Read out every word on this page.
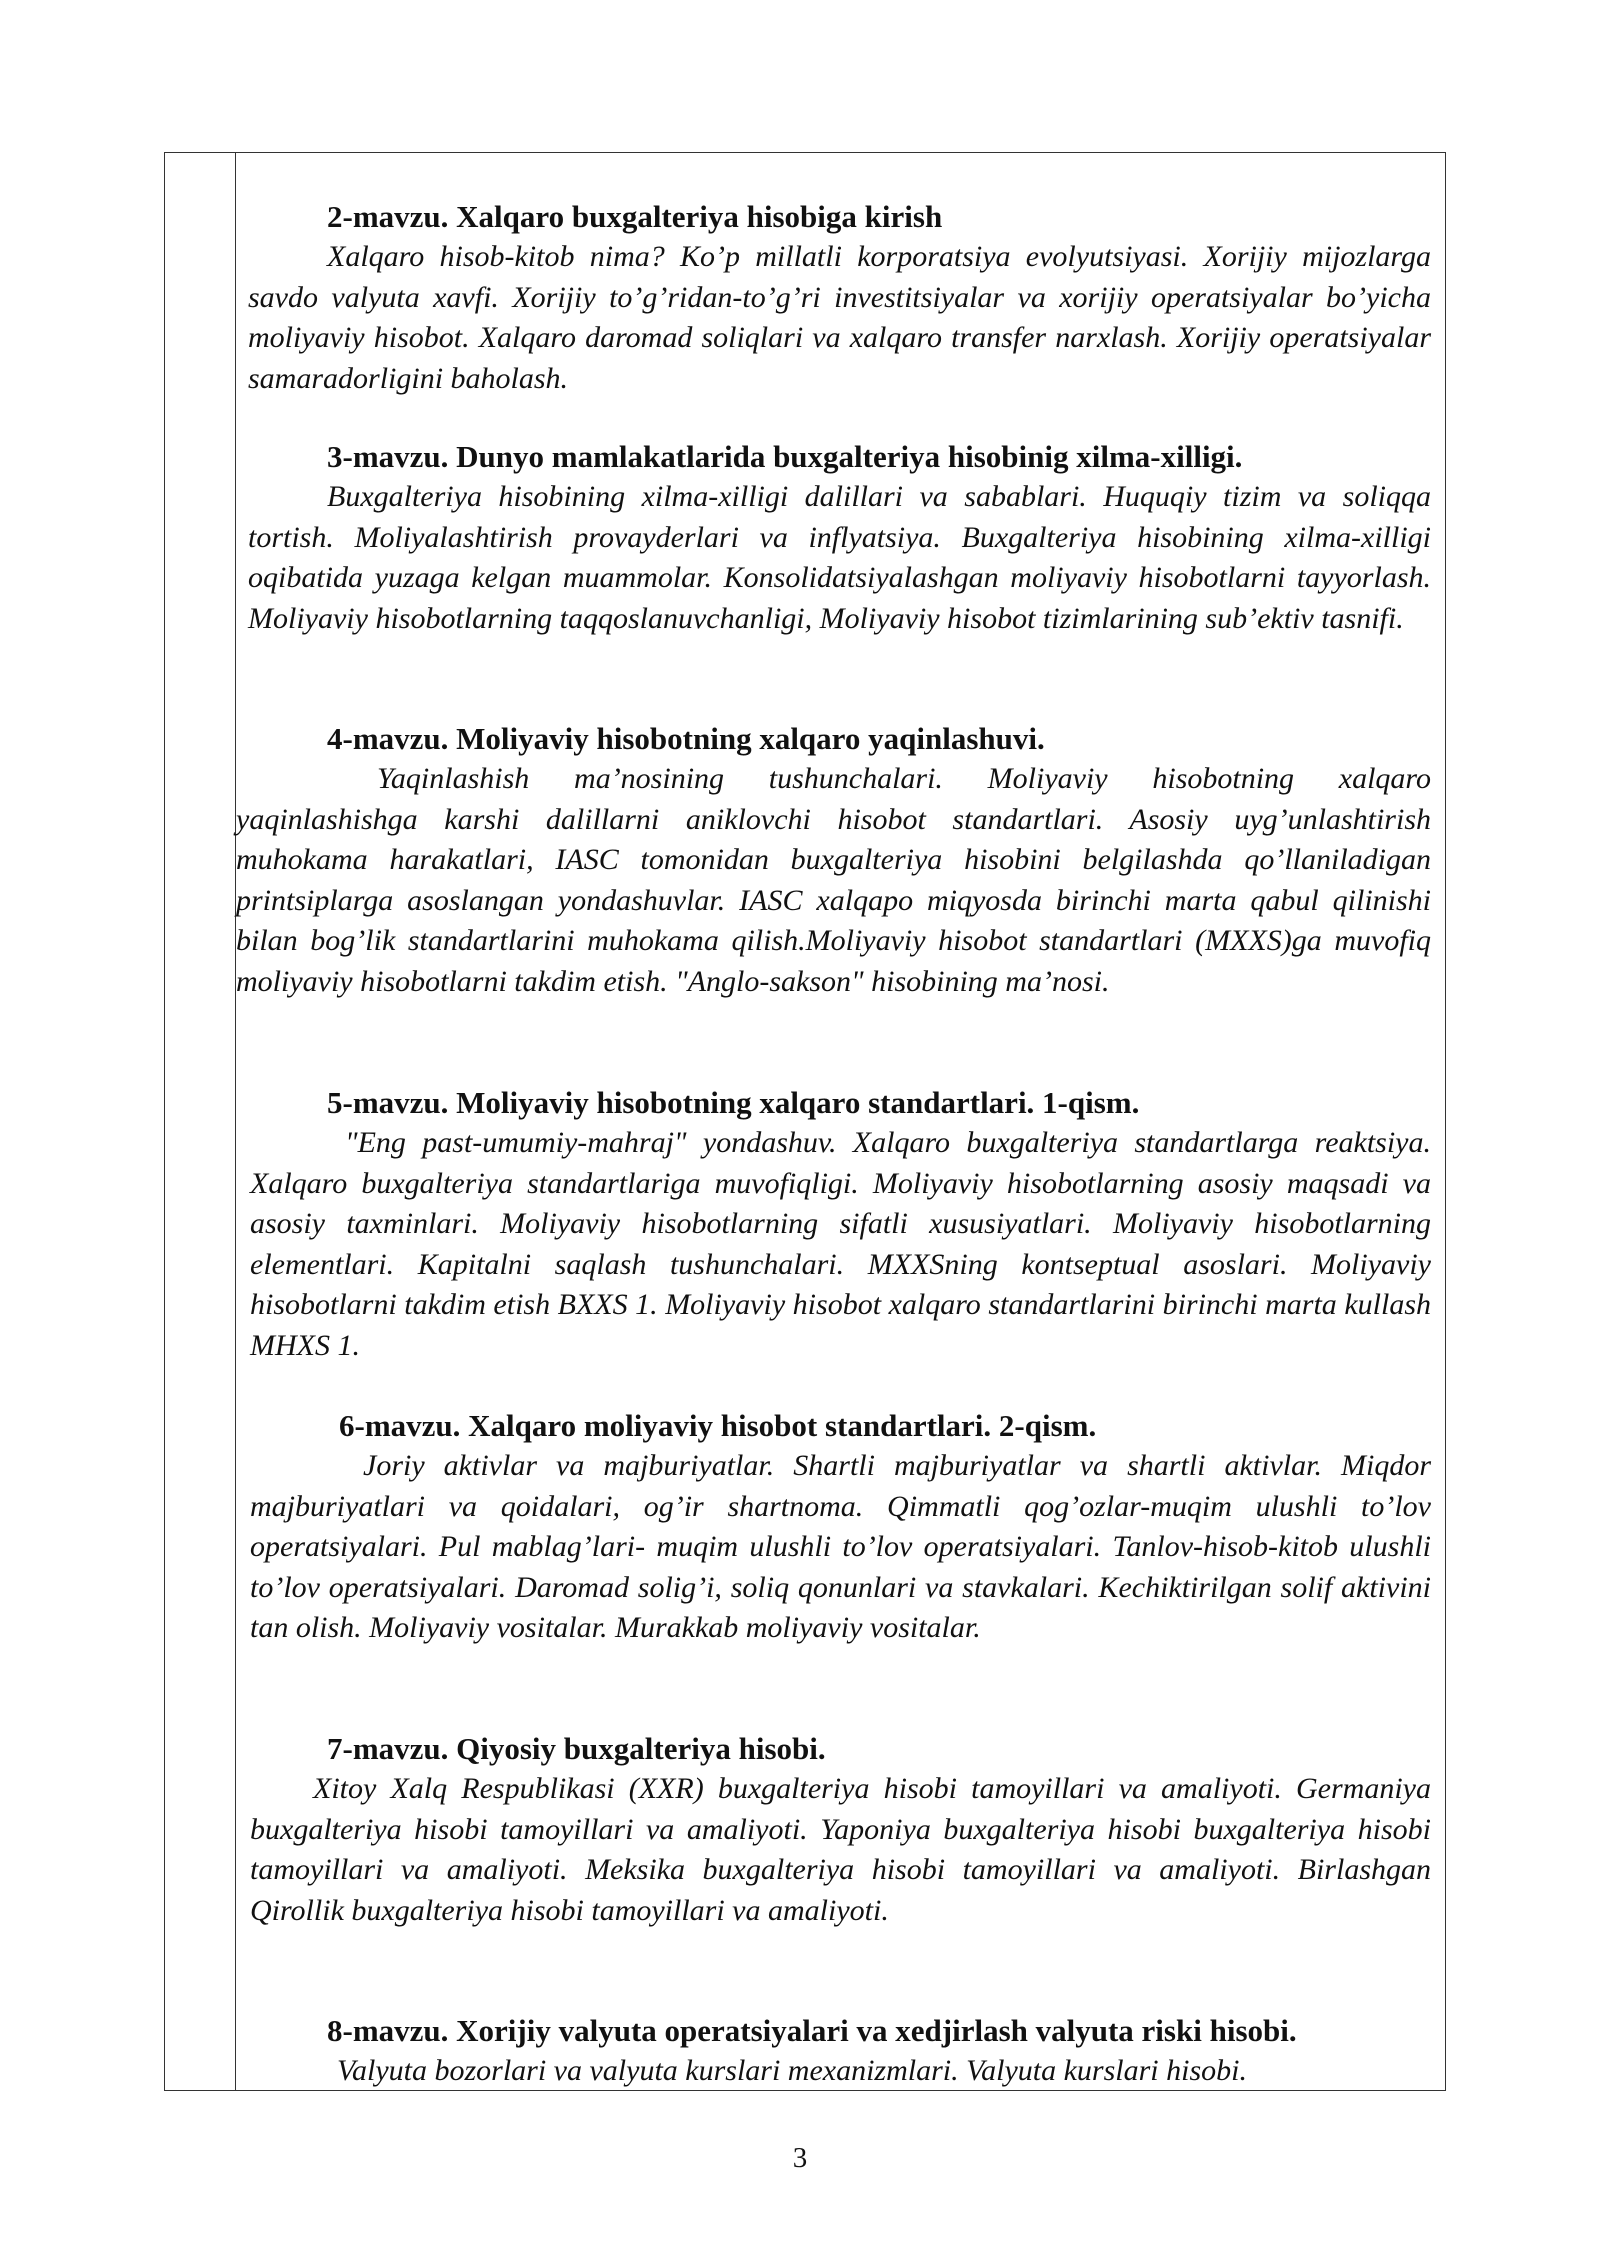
2-mavzu. Xalqaro buxgalteriya hisobiga kirish

Xalqaro hisob-kitob nima? Ko’p millatli korporatsiya evolyutsiyasi. Xorijiy mijozlarga savdo valyuta xavfi. Xorijiy to’g’ridan-to’g’ri investitsiyalar va xorijiy operatsiyalar bo’yicha moliyaviy hisobot. Xalqaro daromad soliqlari va xalqaro transfer narxlash. Xorijiy operatsiyalar samaradorligini baholash.

3-mavzu. Dunyo mamlakatlarida buxgalteriya hisobinig xilma-xilligi.

Buxgalteriya hisobining xilma-xilligi dalillari va sabablari. Huquqiy tizim va soliqqa tortish. Moliyalashtirish provayderlari va inflyatsiya. Buxgalteriya hisobining xilma-xilligi oqibatida yuzaga kelgan muammolar. Konsolidatsiyalashgan moliyaviy hisobotlarni tayyorlash. Moliyaviy hisobotlarning taqqoslanuvchanligi, Moliyaviy hisobot tizimlarining sub’ektiv tasnifi.

4-mavzu. Moliyaviy hisobotning xalqaro yaqinlashuvi.

Yaqinlashish ma’nosining tushunchalari. Moliyaviy hisobotning xalqaro yaqinlashishga karshi dalillarni aniklovchi hisobot standartlari. Asosiy uyg’unlashtirish muhokama harakatlari, IASC tomonidan buxgalteriya hisobini belgilashda qo’llaniladigan printsiplarga asoslangan yondashuvlar. IASC xalqapo miqyosda birinchi marta qabul qilinishi bilan bog’lik standartlarini muhokama qilish.Moliyaviy hisobot standartlari (MXXS)ga muvofiq moliyaviy hisobotlarni takdim etish. "Anglo-sakson" hisobining ma’nosi.

5-mavzu. Moliyaviy hisobotning xalqaro standartlari. 1-qism.

"Eng past-umumiy-mahraj" yondashuv. Xalqaro buxgalteriya standartlarga reaktsiya. Xalqaro buxgalteriya standartlariga muvofiqligi. Moliyaviy hisobotlarning asosiy maqsadi va asosiy taxminlari. Moliyaviy hisobotlarning sifatli xususiyatlari. Moliyaviy hisobotlarning elementlari. Kapitalni saqlash tushunchalari. MXXSning kontseptual asoslari. Moliyaviy hisobotlarni takdim etish BXXS 1. Moliyaviy hisobot xalqaro standartlarini birinchi marta kullash MHXS 1.

6-mavzu. Xalqaro moliyaviy hisobot standartlari. 2-qism.

Joriy aktivlar va majburiyatlar. Shartli majburiyatlar va shartli aktivlar. Miqdor majburiyatlari va qoidalari, og’ir shartnoma. Qimmatli qog’ozlar-muqim ulushli to’lov operatsiyalari. Pul mablag’lari- muqim ulushli to’lov operatsiyalari. Tanlov-hisob-kitob ulushli to’lov operatsiyalari. Daromad solig’i, soliq qonunlari va stavkalari. Kechiktirilgan solif aktivini tan olish. Moliyaviy vositalar. Murakkab moliyaviy vositalar.

7-mavzu. Qiyosiy buxgalteriya hisobi.

Xitoy Xalq Respublikasi (XXR) buxgalteriya hisobi tamoyillari va amaliyoti. Germaniya buxgalteriya hisobi tamoyillari va amaliyoti. Yaponiya buxgalteriya hisobi buxgalteriya hisobi tamoyillari va amaliyoti. Meksika buxgalteriya hisobi tamoyillari va amaliyoti. Birlashgan Qirollik buxgalteriya hisobi tamoyillari va amaliyoti.

8-mavzu. Xorijiy valyuta operatsiyalari va xedjirlash valyuta riski hisobi.

Valyuta bozorlari va valyuta kurslari mexanizmlari. Valyuta kurslari hisobi.

3
